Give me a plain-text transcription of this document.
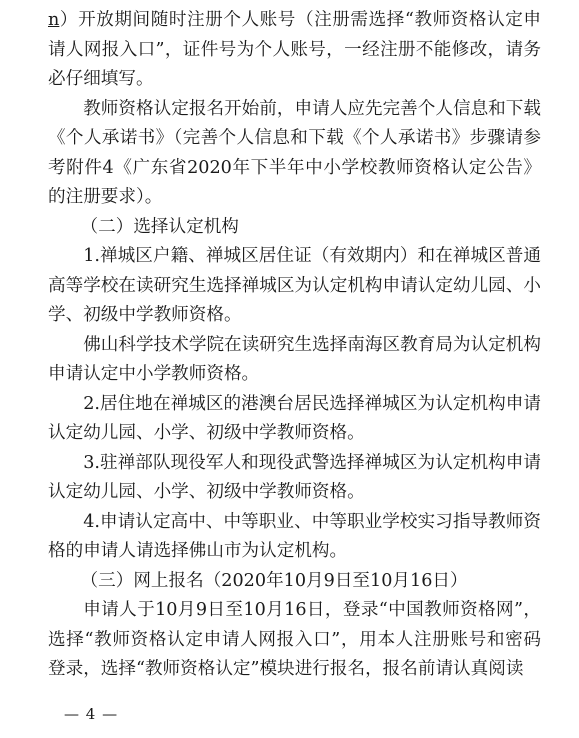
n）开放期间随时注册个人账号（注册需选择“教师资格认定申请人网报入口”，证件号为个人账号，一经注册不能修改，请务必仔细填写。

教师资格认定报名开始前，申请人应先完善个人信息和下载《个人承诺书》（完善个人信息和下载《个人承诺书》步骤请参考附件4《广东省2020年下半年中小学校教师资格认定公告》的注册要求）。

（二）选择认定机构

1.禅城区户籍、禅城区居住证（有效期内）和在禅城区普通高等学校在读研究生选择禅城区为认定机构申请认定幼儿园、小学、初级中学教师资格。

佛山科学技术学院在读研究生选择南海区教育局为认定机构申请认定中小学教师资格。

2.居住地在禅城区的港澳台居民选择禅城区为认定机构申请认定幼儿园、小学、初级中学教师资格。

3.驻禅部队现役军人和现役武警选择禅城区为认定机构申请认定幼儿园、小学、初级中学教师资格。

4.申请认定高中、中等职业、中等职业学校实习指导教师资格的申请人请选择佛山市为认定机构。

（三）网上报名（2020年10月9日至10月16日）

申请人于10月9日至10月16日，登录“中国教师资格网”，选择“教师资格认定申请人网报入口”，用本人注册账号和密码登录，选择“教师资格认定”模块进行报名，报名前请认真阅读

— 4 —
